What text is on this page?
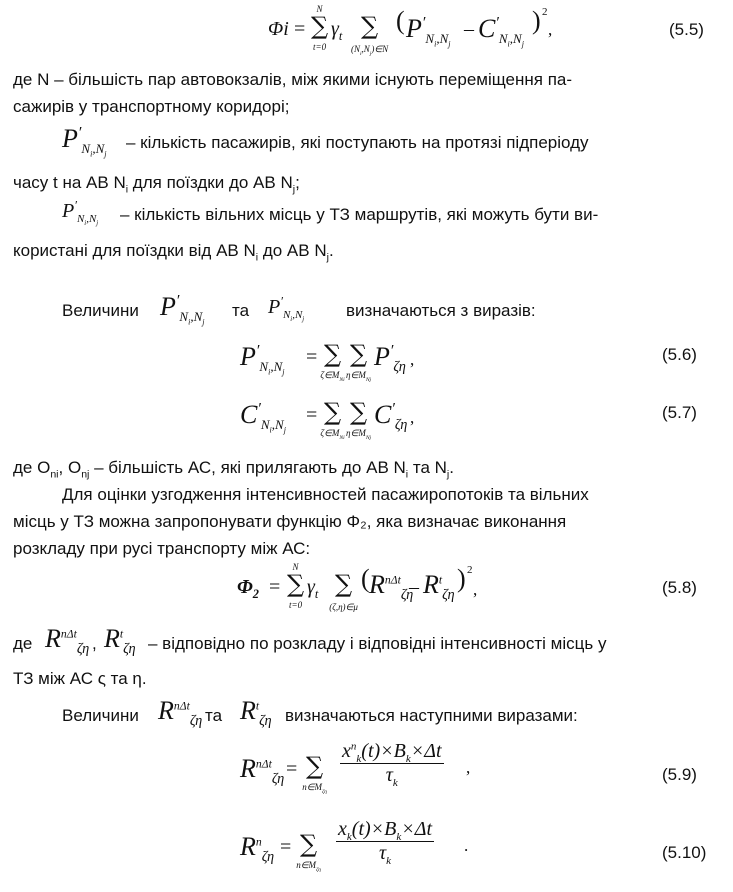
Φi = ∑
N
t=0
$\gamma_t$ ∑
$(N_i,N_j)\in N$
( $P'_{N_i,N_j}$
– $C'_{N_i,N_j}$
) 2
,	(5.5)
де N – більшість пар автовокзалів, між якими існують переміщення па-
сажирів у транспортному коридорі;
$P'_{N_i,N_j}$
– кількість пасажирів, які поступають на протязі підперіоду
часу t на АВ $N_i$ для поїздки до АВ $N_j$;
$P'_{N_i,N_j}$ – кількість вільних місць у ТЗ маршрутів, які можуть бути ви-
користані для поїздки від АВ $N_i$ до АВ $N_j$.
Величини $P'_{N_i,N_j}$
та $P'_{N_i,N_j}$ визначаються з виразів:
$P'_{N_i,N_j}$
= ∑
$\zeta\in M_{Ni}$
∑
$\eta\in M_{Nj}$
$P'_{\zeta\eta}$ ,	(5.6)
$C'_{N_i,N_j}$
= ∑
$\zeta\in M_{Ni}$
∑
$\eta\in M_{Nj}$
$C'_{\zeta\eta}$ ,	(5.7)
де $O_{ni}$, $O_{nj}$ – більшість АС, які прилягають до АВ $N_i$ та $N_j$.
Для оцінки узгодження інтенсивностей пасажиропотоків та вільних
місць у ТЗ можна запропонувати функцію Φ₂, яка визначає виконання
розкладу при русі транспорту між АС:
$\Phi_2$ = ∑
N
t=0
$\gamma_t$ ∑
(ζ,η)∈μ
( $R^{n\Delta t}_{\zeta\eta}$
– $R^t_{\zeta\eta}$
) 2
,	(5.8)
де $R^{n\Delta t}_{\zeta\eta}$ , $R^t_{\zeta\eta}$ – відповідно по розкладу і відповідні інтенсивності місць у
ТЗ між АС ς та η.
Величини $R^{n\Delta t}_{\zeta\eta}$ та $R^t_{\zeta\eta}$ визначаються наступними виразами:
$R^{n\Delta t}_{\zeta\eta}$ = ∑
$n\in M_{\zeta\eta}$
$x^n_k(t)\times B_k\times\Delta t$
$\tau_k$
,	(5.9)
$R^n_{\zeta\eta}$ = ∑
$n\in M_{\zeta\eta}$
$\frac{x_k(t)\times B_k\times\Delta t}{\tau_k}$ .	(5.10)
